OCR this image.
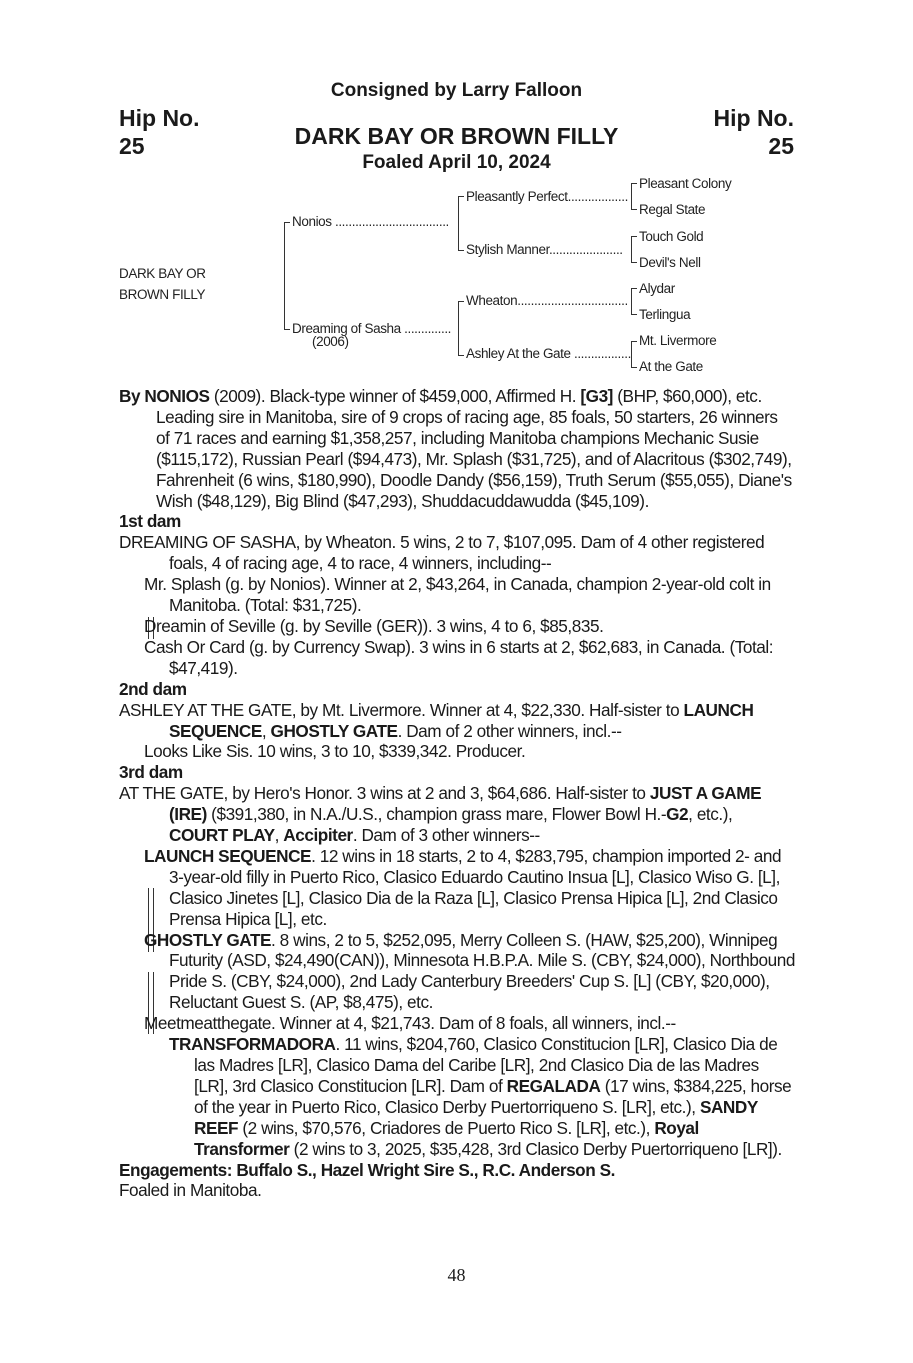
Consigned by Larry Falloon
Hip No.
25
Hip No.
25
DARK BAY OR BROWN FILLY
Foaled April 10, 2024
DARK BAY OR
BROWN FILLY
Nonios ..................................
Dreaming of Sasha ..............
(2006)
Pleasantly Perfect..................
Stylish Manner......................
Wheaton.................................
Ashley At the Gate .................
Pleasant Colony
Regal State
Touch Gold
Devil's Nell
Alydar
Terlingua
Mt. Livermore
At the Gate

By NONIOS (2009). Black-type winner of $459,000, Affirmed H. [G3] (BHP, $60,000), etc. Leading sire in Manitoba, sire of 9 crops of racing age, 85 foals, 50 starters, 26 winners of 71 races and earning $1,358,257, including Manitoba champions Mechanic Susie ($115,172), Russian Pearl ($94,473), Mr. Splash ($31,725), and of Alacritous ($302,749), Fahrenheit (6 wins, $180,990), Doodle Dandy ($56,159), Truth Serum ($55,055), Diane's Wish ($48,129), Big Blind ($47,293), Shuddacuddawudda ($45,109).

1st dam

DREAMING OF SASHA, by Wheaton. 5 wins, 2 to 7, $107,095. Dam of 4 other registered foals, 4 of racing age, 4 to race, 4 winners, including--

Mr. Splash (g. by Nonios). Winner at 2, $43,264, in Canada, champion 2-year-old colt in Manitoba. (Total: $31,725).

Dreamin of Seville (g. by Seville (GER)). 3 wins, 4 to 6, $85,835.

Cash Or Card (g. by Currency Swap). 3 wins in 6 starts at 2, $62,683, in Canada. (Total: $47,419).

2nd dam

ASHLEY AT THE GATE, by Mt. Livermore. Winner at 4, $22,330. Half-sister to LAUNCH SEQUENCE, GHOSTLY GATE. Dam of 2 other winners, incl.--

Looks Like Sis. 10 wins, 3 to 10, $339,342. Producer.

3rd dam

AT THE GATE, by Hero's Honor. 3 wins at 2 and 3, $64,686. Half-sister to JUST A GAME (IRE) ($391,380, in N.A./U.S., champion grass mare, Flower Bowl H.-G2, etc.), COURT PLAY, Accipiter. Dam of 3 other winners--

LAUNCH SEQUENCE. 12 wins in 18 starts, 2 to 4, $283,795, champion imported 2- and 3-year-old filly in Puerto Rico, Clasico Eduardo Cautino Insua [L], Clasico Wiso G. [L], Clasico Jinetes [L], Clasico Dia de la Raza [L], Clasico Prensa Hipica [L], 2nd Clasico Prensa Hipica [L], etc.

GHOSTLY GATE. 8 wins, 2 to 5, $252,095, Merry Colleen S. (HAW, $25,200), Winnipeg Futurity (ASD, $24,490(CAN)), Minnesota H.B.P.A. Mile S. (CBY, $24,000), Northbound Pride S. (CBY, $24,000), 2nd Lady Canterbury Breeders' Cup S. [L] (CBY, $20,000), Reluctant Guest S. (AP, $8,475), etc.

Meetmeatthegate. Winner at 4, $21,743. Dam of 8 foals, all winners, incl.--

TRANSFORMADORA. 11 wins, $204,760, Clasico Constitucion [LR], Clasico Dia de las Madres [LR], Clasico Dama del Caribe [LR], 2nd Clasico Dia de las Madres [LR], 3rd Clasico Constitucion [LR]. Dam of REGALADA (17 wins, $384,225, horse of the year in Puerto Rico, Clasico Derby Puertorriqueno S. [LR], etc.), SANDY REEF (2 wins, $70,576, Criadores de Puerto Rico S. [LR], etc.), Royal Transformer (2 wins to 3, 2025, $35,428, 3rd Clasico Derby Puertorriqueno [LR]).

Engagements: Buffalo S., Hazel Wright Sire S., R.C. Anderson S.
Foaled in Manitoba.
48
